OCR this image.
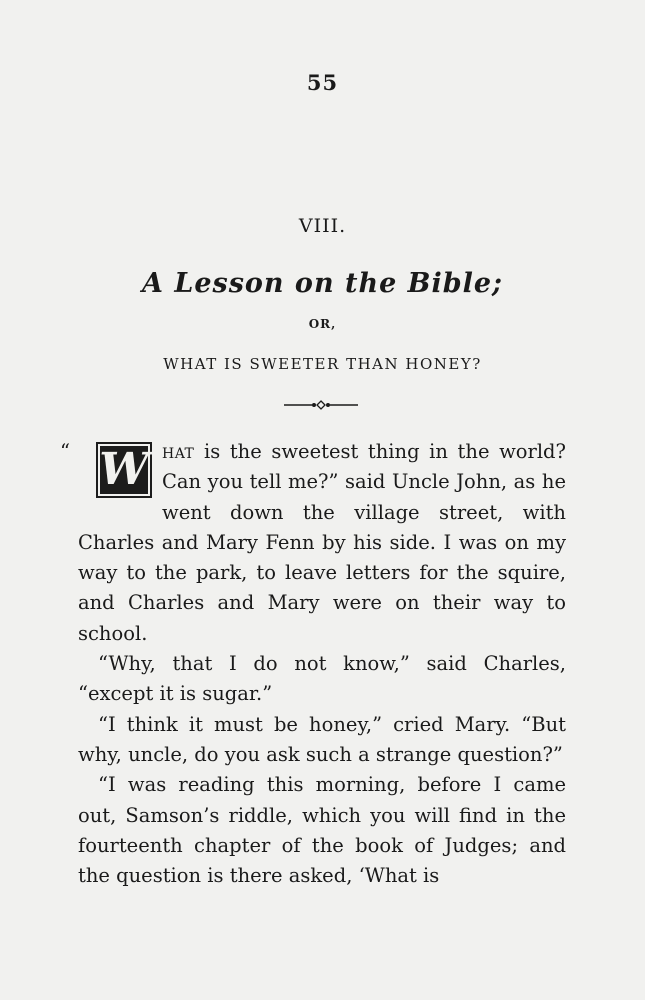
55
VIII.
A Lesson on the Bible;
OR,
WHAT IS SWEETER THAN HONEY?

“ W hat is the sweetest thing in the world? Can you tell me?” said Uncle John, as he went down the village street, with Charles and Mary Fenn by his side. I was on my way to the park, to leave letters for the squire, and Charles and Mary were on their way to school.

“Why, that I do not know,” said Charles, “except it is sugar.”

“I think it must be honey,” cried Mary. “But why, uncle, do you ask such a strange question?”

“I was reading this morning, before I came out, Samson’s riddle, which you will find in the fourteenth chapter of the book of Judges; and the question is there asked, ‘What is
